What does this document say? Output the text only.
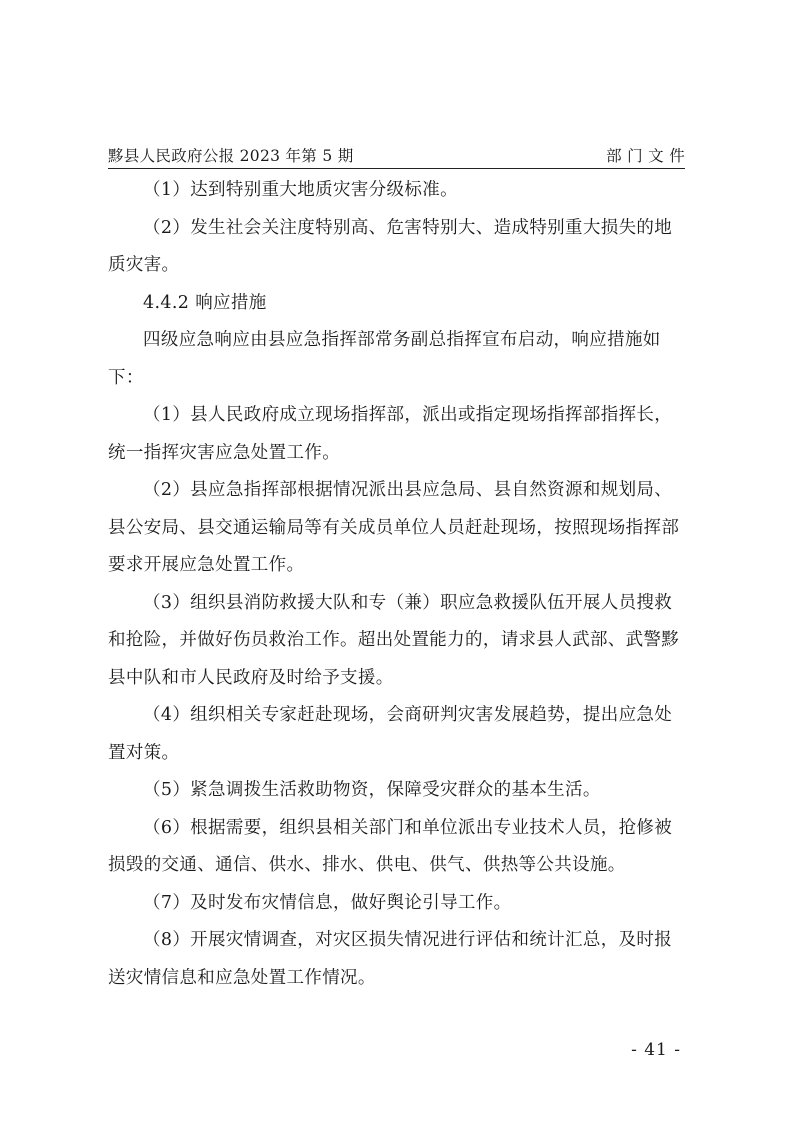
黟县人民政府公报 2023 年第 5 期	部 门 文 件

（1）达到特别重大地质灾害分级标准。

（2）发生社会关注度特别高、危害特别大、造成特别重大损失的地质灾害。

4.4.2 响应措施

四级应急响应由县应急指挥部常务副总指挥宣布启动，响应措施如下：

（1）县人民政府成立现场指挥部，派出或指定现场指挥部指挥长，统一指挥灾害应急处置工作。

（2）县应急指挥部根据情况派出县应急局、县自然资源和规划局、县公安局、县交通运输局等有关成员单位人员赶赴现场，按照现场指挥部要求开展应急处置工作。

（3）组织县消防救援大队和专（兼）职应急救援队伍开展人员搜救和抢险，并做好伤员救治工作。超出处置能力的，请求县人武部、武警黟县中队和市人民政府及时给予支援。

（4）组织相关专家赶赴现场，会商研判灾害发展趋势，提出应急处置对策。

（5）紧急调拨生活救助物资，保障受灾群众的基本生活。

（6）根据需要，组织县相关部门和单位派出专业技术人员，抢修被损毁的交通、通信、供水、排水、供电、供气、供热等公共设施。

（7）及时发布灾情信息，做好舆论引导工作。

（8）开展灾情调查，对灾区损失情况进行评估和统计汇总，及时报送灾情信息和应急处置工作情况。

- 41 -
